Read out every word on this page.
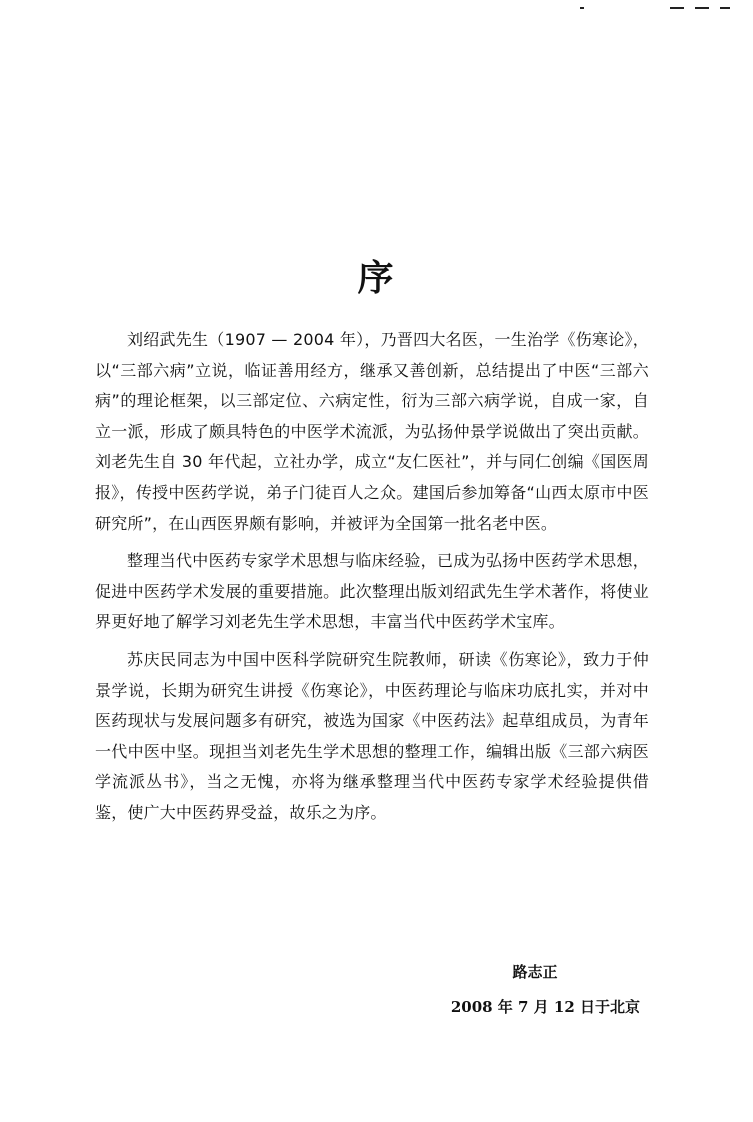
序

刘绍武先生（1907 — 2004 年），乃晋四大名医，一生治学《伤寒论》，以“三部六病”立说，临证善用经方，继承又善创新，总结提出了中医“三部六病”的理论框架，以三部定位、六病定性，衍为三部六病学说，自成一家，自立一派，形成了颇具特色的中医学术流派，为弘扬仲景学说做出了突出贡献。刘老先生自 30 年代起，立社办学，成立“友仁医社”，并与同仁创编《国医周报》，传授中医药学说，弟子门徒百人之众。建国后参加筹备“山西太原市中医研究所”，在山西医界颇有影响，并被评为全国第一批名老中医。

整理当代中医药专家学术思想与临床经验，已成为弘扬中医药学术思想，促进中医药学术发展的重要措施。此次整理出版刘绍武先生学术著作，将使业界更好地了解学习刘老先生学术思想，丰富当代中医药学术宝库。

苏庆民同志为中国中医科学院研究生院教师，研读《伤寒论》，致力于仲景学说，长期为研究生讲授《伤寒论》，中医药理论与临床功底扎实，并对中医药现状与发展问题多有研究，被选为国家《中医药法》起草组成员，为青年一代中医中坚。现担当刘老先生学术思想的整理工作，编辑出版《三部六病医学流派丛书》，当之无愧，亦将为继承整理当代中医药专家学术经验提供借鉴，使广大中医药界受益，故乐之为序。

路志正
2008 年 7 月 12 日于北京
